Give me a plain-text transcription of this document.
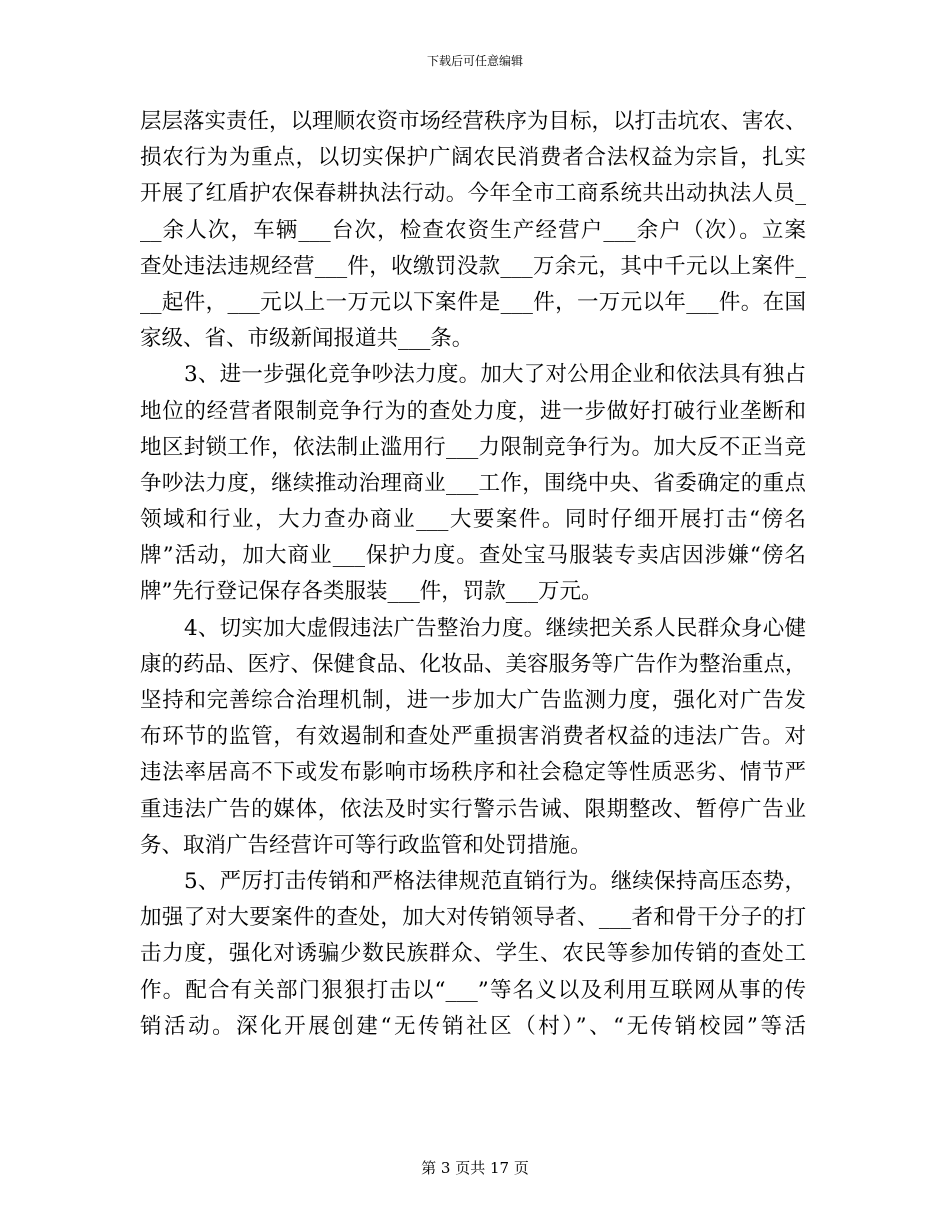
下载后可任意编辑
层层落实责任，以理顺农资市场经营秩序为目标，以打击坑农、害农、
损农行为为重点，以切实保护广阔农民消费者合法权益为宗旨，扎实
开展了红盾护农保春耕执法行动。今年全市工商系统共出动执法人员_
__余人次，车辆___台次，检查农资生产经营户___余户（次）。立案
查处违法违规经营___件，收缴罚没款___万余元，其中千元以上案件_
__起件，___元以上一万元以下案件是___件，一万元以年___件。在国
家级、省、市级新闻报道共___条。
3、进一步强化竞争吵法力度。加大了对公用企业和依法具有独占
地位的经营者限制竞争行为的查处力度，进一步做好打破行业垄断和
地区封锁工作，依法制止滥用行___力限制竞争行为。加大反不正当竞
争吵法力度，继续推动治理商业___工作，围绕中央、省委确定的重点
领域和行业，大力查办商业___大要案件。同时仔细开展打击“傍名
牌”活动，加大商业___保护力度。查处宝马服装专卖店因涉嫌“傍名
牌”先行登记保存各类服装___件，罚款___万元。
4、切实加大虚假违法广告整治力度。继续把关系人民群众身心健
康的药品、医疗、保健食品、化妆品、美容服务等广告作为整治重点，
坚持和完善综合治理机制，进一步加大广告监测力度，强化对广告发
布环节的监管，有效遏制和查处严重损害消费者权益的违法广告。对
违法率居高不下或发布影响市场秩序和社会稳定等性质恶劣、情节严
重违法广告的媒体，依法及时实行警示告诫、限期整改、暂停广告业
务、取消广告经营许可等行政监管和处罚措施。
5、严厉打击传销和严格法律规范直销行为。继续保持高压态势，
加强了对大要案件的查处，加大对传销领导者、___者和骨干分子的打
击力度，强化对诱骗少数民族群众、学生、农民等参加传销的查处工
作。配合有关部门狠狠打击以“___”等名义以及利用互联网从事的传
销活动。深化开展创建“无传销社区（村）”、“无传销校园”等活
第 3 页共 17 页
